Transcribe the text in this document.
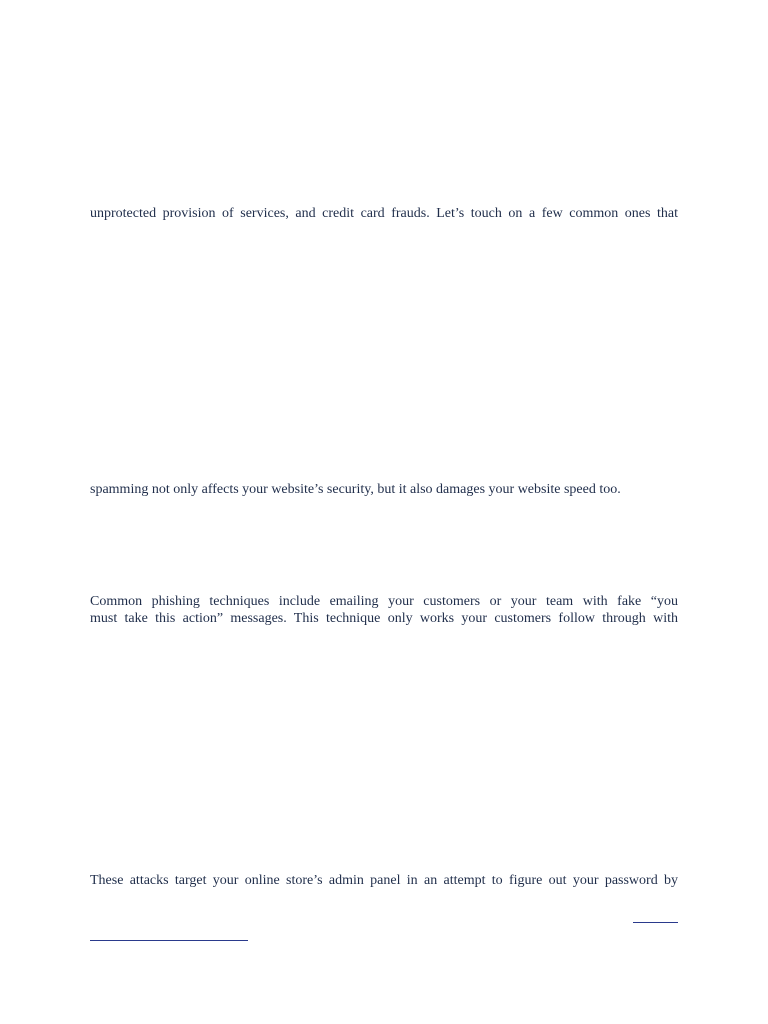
unprotected provision of services, and credit card frauds. Let’s touch on a few common ones that
spamming not only affects your website’s security, but it also damages your website speed too.
Common phishing techniques include emailing your customers or your team with fake “you
must take this action” messages. This technique only works your customers follow through with
These attacks target your online store’s admin panel in an attempt to figure out your password by
